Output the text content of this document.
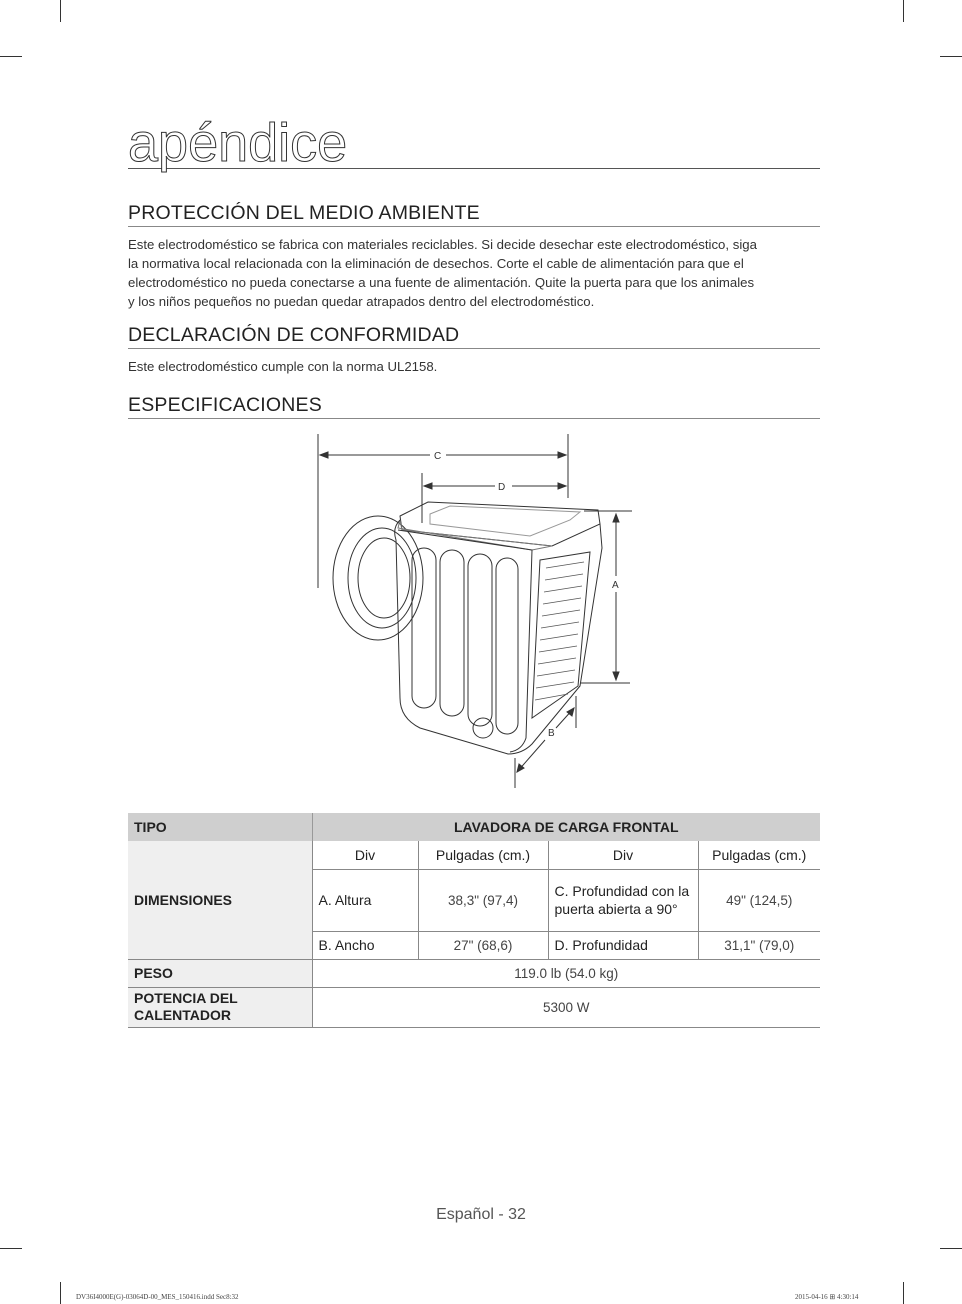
apéndice
PROTECCIÓN DEL MEDIO AMBIENTE
Este electrodoméstico se fabrica con materiales reciclables. Si decide desechar este electrodoméstico, siga
la normativa local relacionada con la eliminación de desechos. Corte el cable de alimentación para que el
electrodoméstico no pueda conectarse a una fuente de alimentación. Quite la puerta para que los animales
y los niños pequeños no puedan quedar atrapados dentro del electrodoméstico.
DECLARACIÓN DE CONFORMIDAD
Este electrodoméstico cumple con la norma UL2158.
ESPECIFICACIONES
C
D
A
B
TIPO	LAVADORA DE CARGA FRONTAL			
DIMENSIONES	Div	Pulgadas (cm.)	Div	Pulgadas (cm.)
	A. Altura	38,3" (97,4)	C. Profundidad con la puerta abierta a 90°	49" (124,5)
	B. Ancho	27" (68,6)	D. Profundidad	31,1" (79,0)
PESO	119.0 lb (54.0 kg)			
POTENCIA DEL CALENTADOR	5300 W			
Español - 32
DV36I4000E(G)-03064D-00_MES_150416.indd Sec8:32	2015-04-16 ⊞ 4:30:14
